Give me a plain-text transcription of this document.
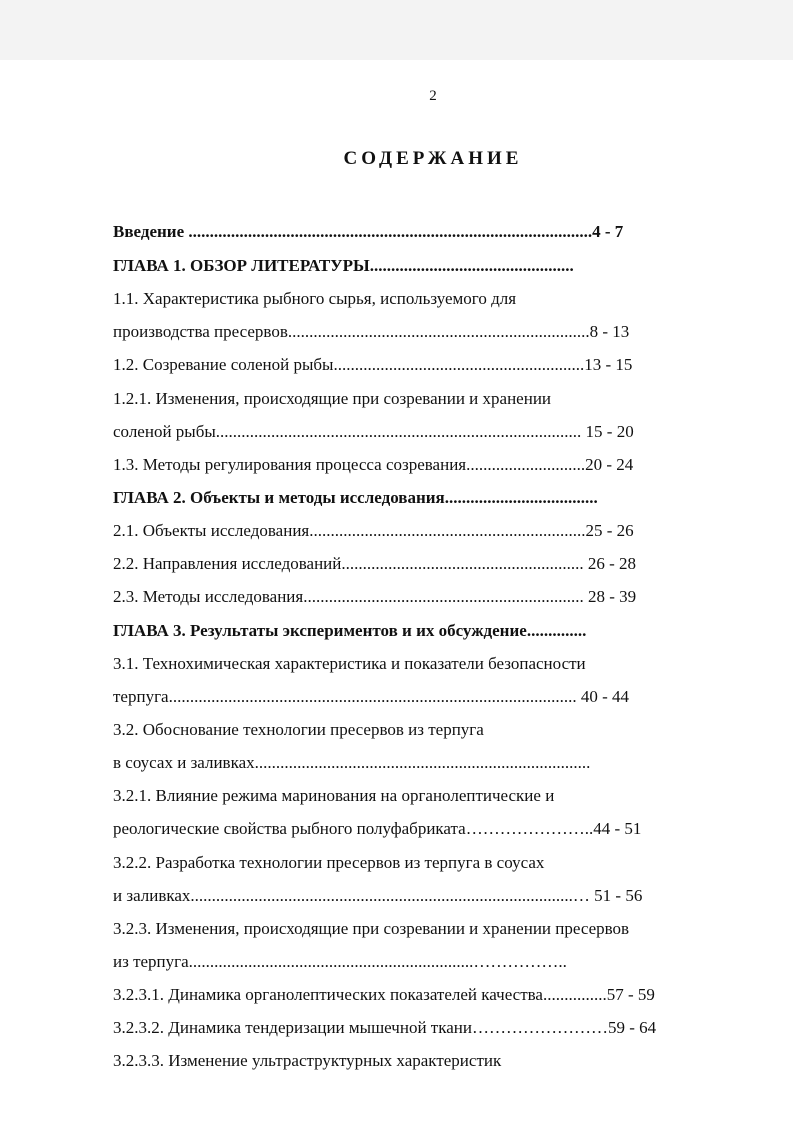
2
СОДЕРЖАНИЕ
Введение ...............................................................................................4 - 7
ГЛАВА 1. ОБЗОР ЛИТЕРАТУРЫ................................................
1.1. Характеристика рыбного сырья, используемого для
производства пресервов.......................................................................8 - 13
1.2. Созревание соленой рыбы...........................................................13 - 15
1.2.1. Изменения, происходящие при созревании и хранении
соленой рыбы...................................................................................... 15 - 20
1.3. Методы регулирования процесса созревания............................20 - 24
ГЛАВА 2. Объекты и методы исследования....................................
2.1. Объекты исследования.................................................................25 - 26
2.2. Направления исследований......................................................... 26 - 28
2.3. Методы исследования.................................................................. 28 - 39
ГЛАВА 3. Результаты экспериментов и их обсуждение..............
3.1. Технохимическая характеристика и показатели безопасности
терпуга................................................................................................ 40 - 44
3.2. Обоснование технологии пресервов из терпуга
в соусах и заливках...............................................................................
3.2.1. Влияние режима маринования на органолептические и
реологические свойства рыбного полуфабриката…………………..44 - 51
3.2.2. Разработка технологии пресервов из терпуга в соусах
и заливках..........................................................................................… 51 - 56
3.2.3. Изменения, происходящие при созревании и хранении пресервов
из терпуга...................................................................……………..
3.2.3.1. Динамика органолептических показателей качества...............57 - 59
3.2.3.2. Динамика тендеризации мышечной ткани……………………59 - 64
3.2.3.3. Изменение ультраструктурных характеристик
